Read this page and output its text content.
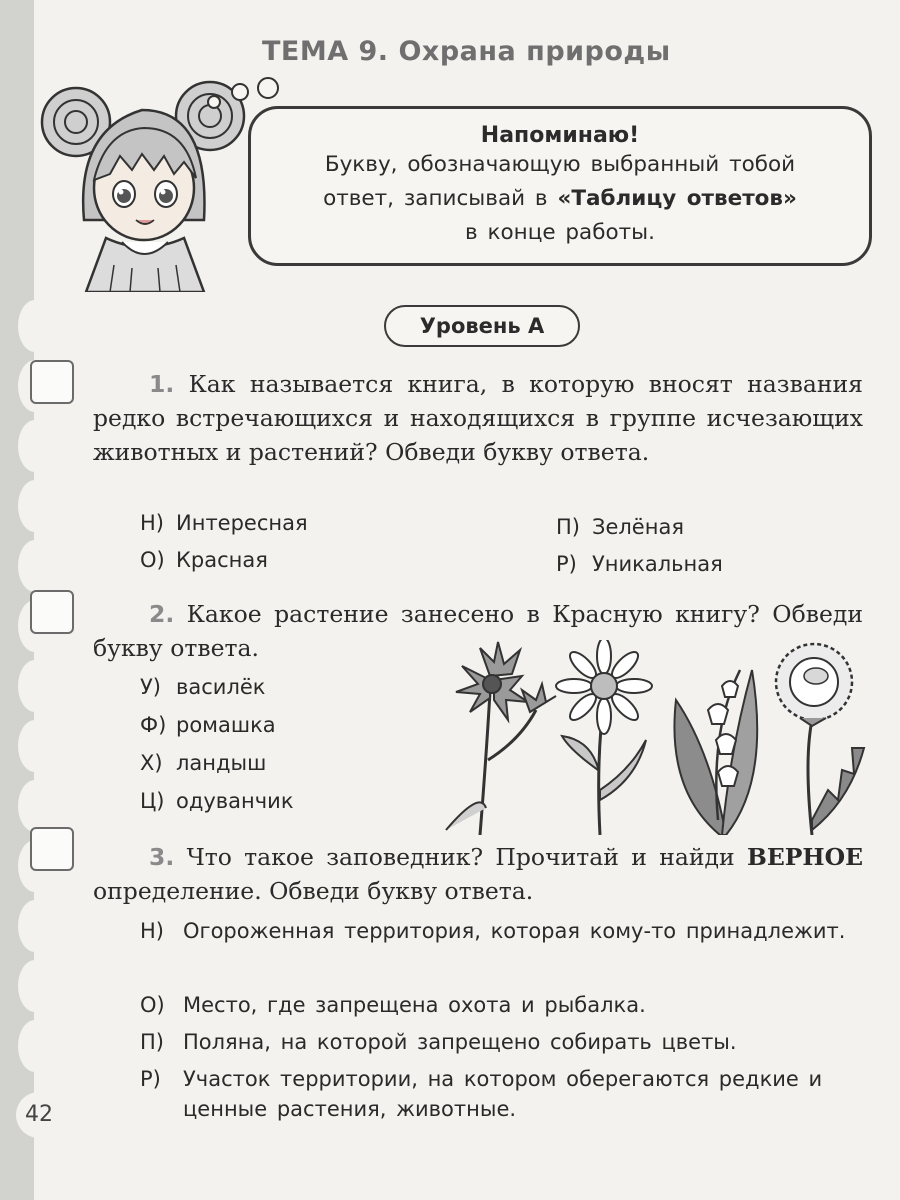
ТЕМА 9. Охрана природы
Напоминаю!
Букву, обозначающую выбранный тобой
ответ, записывай в «Таблицу ответов»
в конце работы.
Уровень А
1. Как называется книга, в которую вносят названия редко встречающихся и находящихся в группе исчезающих животных и растений? Обведи букву ответа.
Н) Интересная
О) Красная
П) Зелёная
Р) Уникальная
2. Какое растение занесено в Красную книгу? Обведи букву ответа.
У) василёк
Ф) ромашка
Х) ландыш
Ц) одуванчик
3. Что такое заповедник? Прочитай и найди ВЕРНОЕ определение. Обведи букву ответа.
Н) Огороженная территория, которая кому-то принадлежит.
О) Место, где запрещена охота и рыбалка.
П) Поляна, на которой запрещено собирать цветы.
Р) Участок территории, на котором оберегаются редкие и ценные растения, животные.
42
